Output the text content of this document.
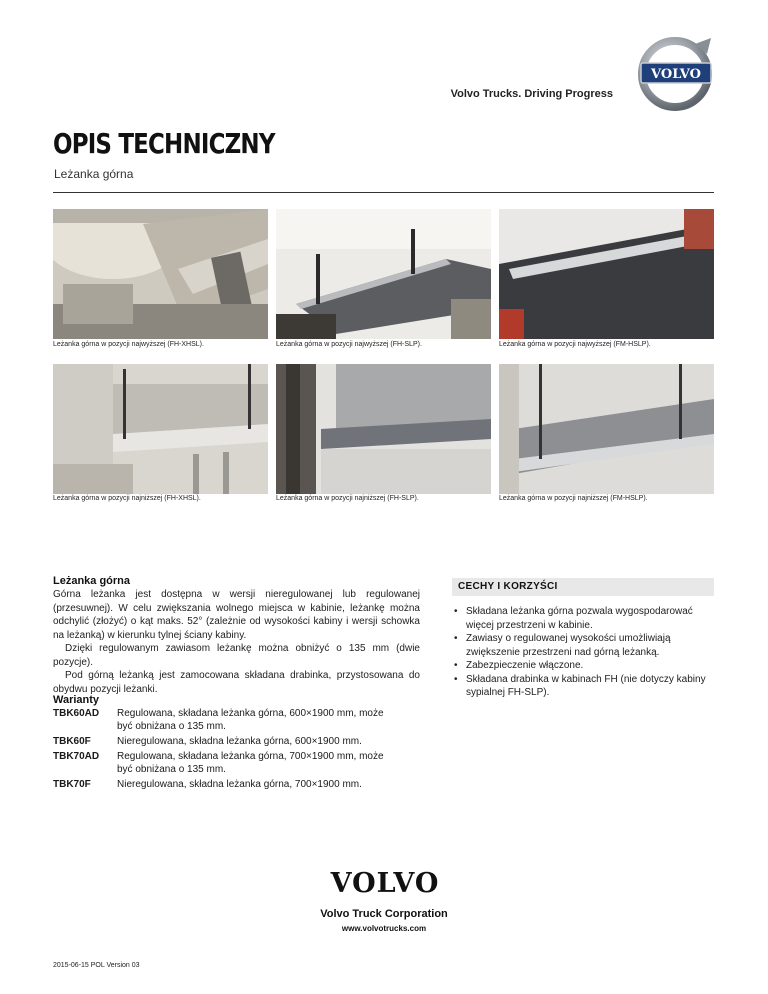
VOLVO
Volvo Trucks. Driving Progress
OPIS TECHNICZNY
Leżanka górna
Leżanka górna w pozycji najwyższej (FH-XHSL).	Leżanka górna w pozycji najwyższej (FH-SLP).	Leżanka górna w pozycji najwyższej (FM-HSLP).
Leżanka górna w pozycji najniższej (FH-XHSL).	Leżanka górna w pozycji najniższej (FH-SLP).	Leżanka górna w pozycji najniższej (FM-HSLP).
Leżanka górna

Górna leżanka jest dostępna w wersji nieregulowanej lub regulowanej (przesuwnej). W celu zwiększania wolnego miejsca w kabinie, leżankę można odchylić (złożyć) o kąt maks. 52° (zależnie od wysokości kabiny i wersji schowka na leżanką) w kierunku tylnej ściany kabiny.

Dzięki regulowanym zawiasom leżankę można obniżyć o 135 mm (dwie pozycje).

Pod górną leżanką jest zamocowana składana drabinka, przystosowana do obydwu pozycji leżanki.

Warianty
TBK60AD	Regulowana, składana leżanka górna, 600×1900 mm, może być obniżana o 135 mm.
TBK60F	Nieregulowana, składna leżanka górna, 600×1900 mm.
TBK70AD	Regulowana, składana leżanka górna, 700×1900 mm, może być obniżana o 135 mm.
TBK70F	Nieregulowana, składna leżanka górna, 700×1900 mm.
CECHY I KORZYŚCI
• Składana leżanka górna pozwala wygospodarować więcej przestrzeni w kabinie.
• Zawiasy o regulowanej wysokości umożliwiają zwiększenie przestrzeni nad górną leżanką.
• Zabezpieczenie włączone.
• Składana drabinka w kabinach FH (nie dotyczy kabiny sypialnej FH-SLP).
VOLVO
Volvo Truck Corporation
www.volvotrucks.com
2015-06-15 POL Version 03
